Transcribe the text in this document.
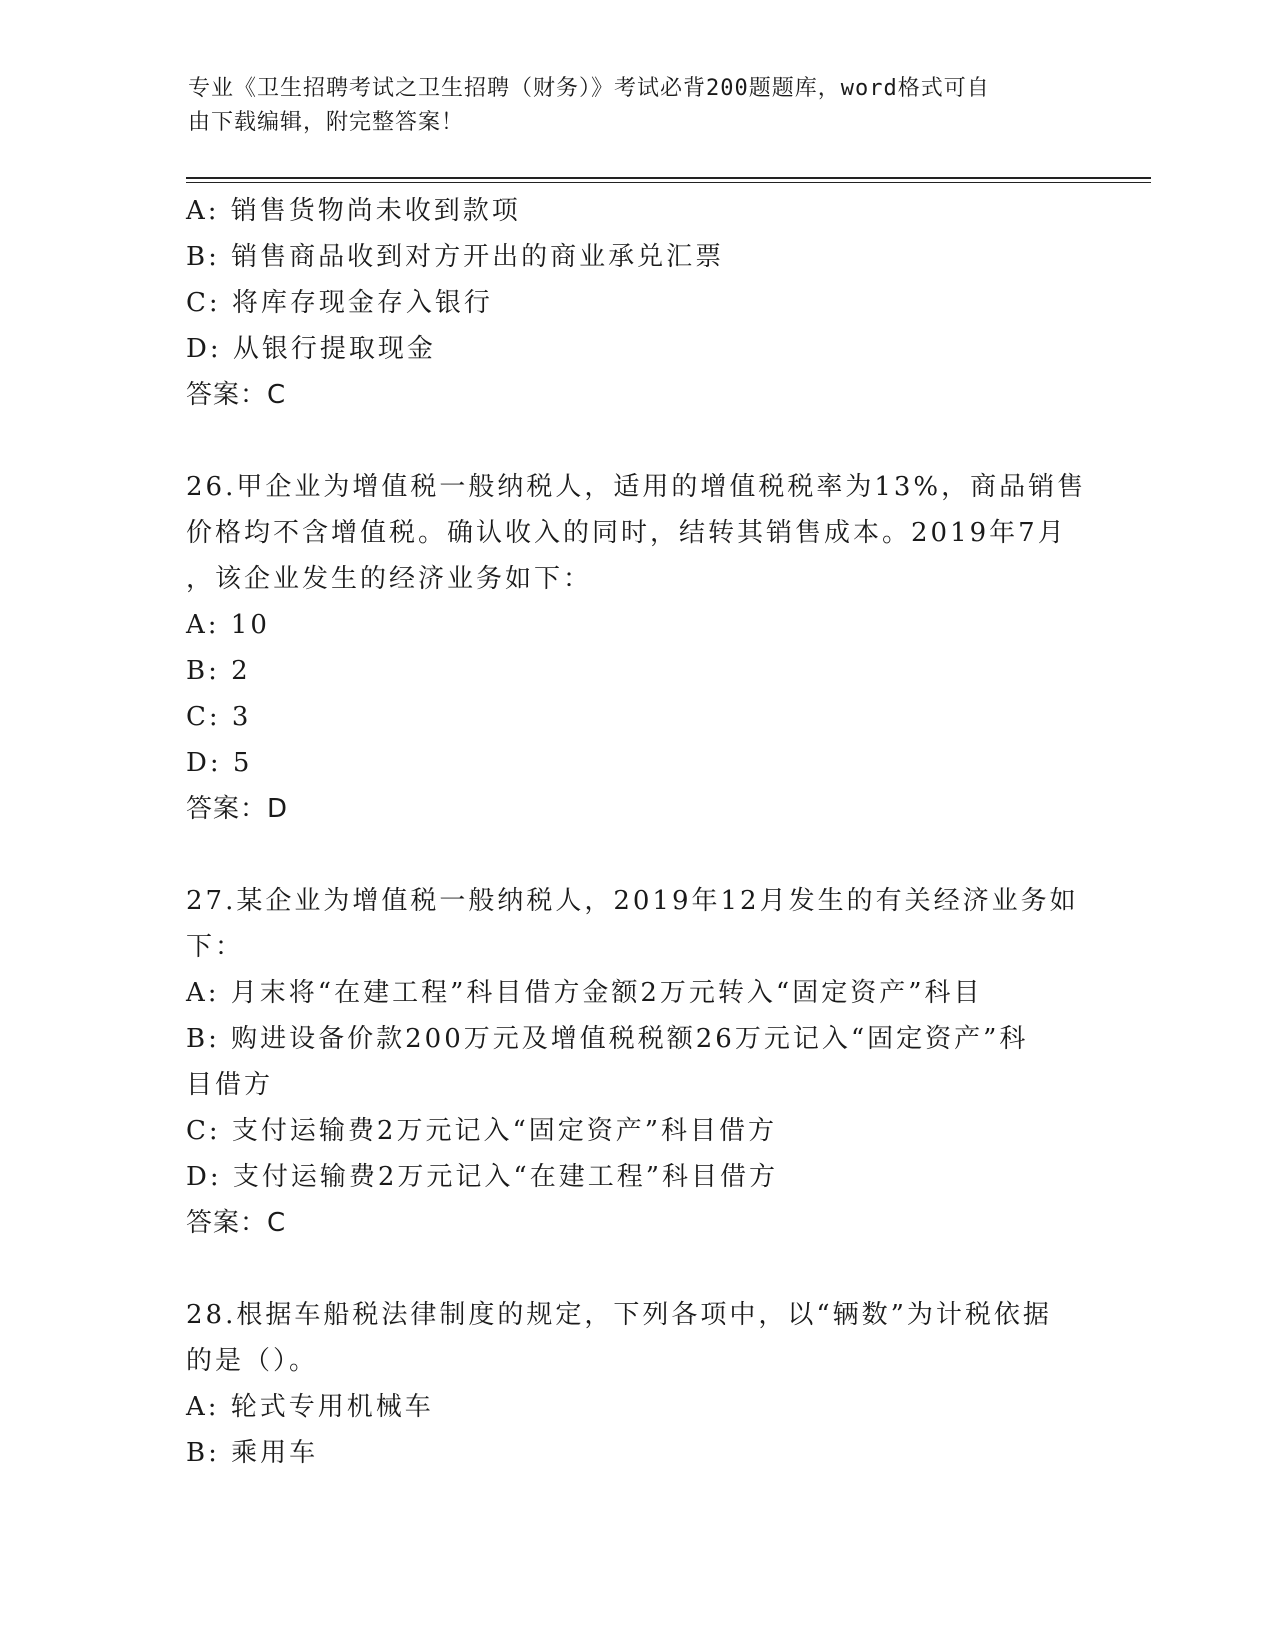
专业《卫生招聘考试之卫生招聘（财务）》考试必背200题题库，word格式可自
由下载编辑，附完整答案！
A: 销售货物尚未收到款项
B: 销售商品收到对方开出的商业承兑汇票
C: 将库存现金存入银行
D: 从银行提取现金
答案：C
26.甲企业为增值税一般纳税人，适用的增值税税率为13%，商品销售
价格均不含增值税。确认收入的同时，结转其销售成本。2019年7月
，该企业发生的经济业务如下：
A: 10
B: 2
C: 3
D: 5
答案：D
27.某企业为增值税一般纳税人，2019年12月发生的有关经济业务如
下：
A: 月末将“在建工程”科目借方金额2万元转入“固定资产”科目
B: 购进设备价款200万元及增值税税额26万元记入“固定资产”科
目借方
C: 支付运输费2万元记入“固定资产”科目借方
D: 支付运输费2万元记入“在建工程”科目借方
答案：C
28.根据车船税法律制度的规定，下列各项中，以“辆数”为计税依据
的是（）。
A: 轮式专用机械车
B: 乘用车
